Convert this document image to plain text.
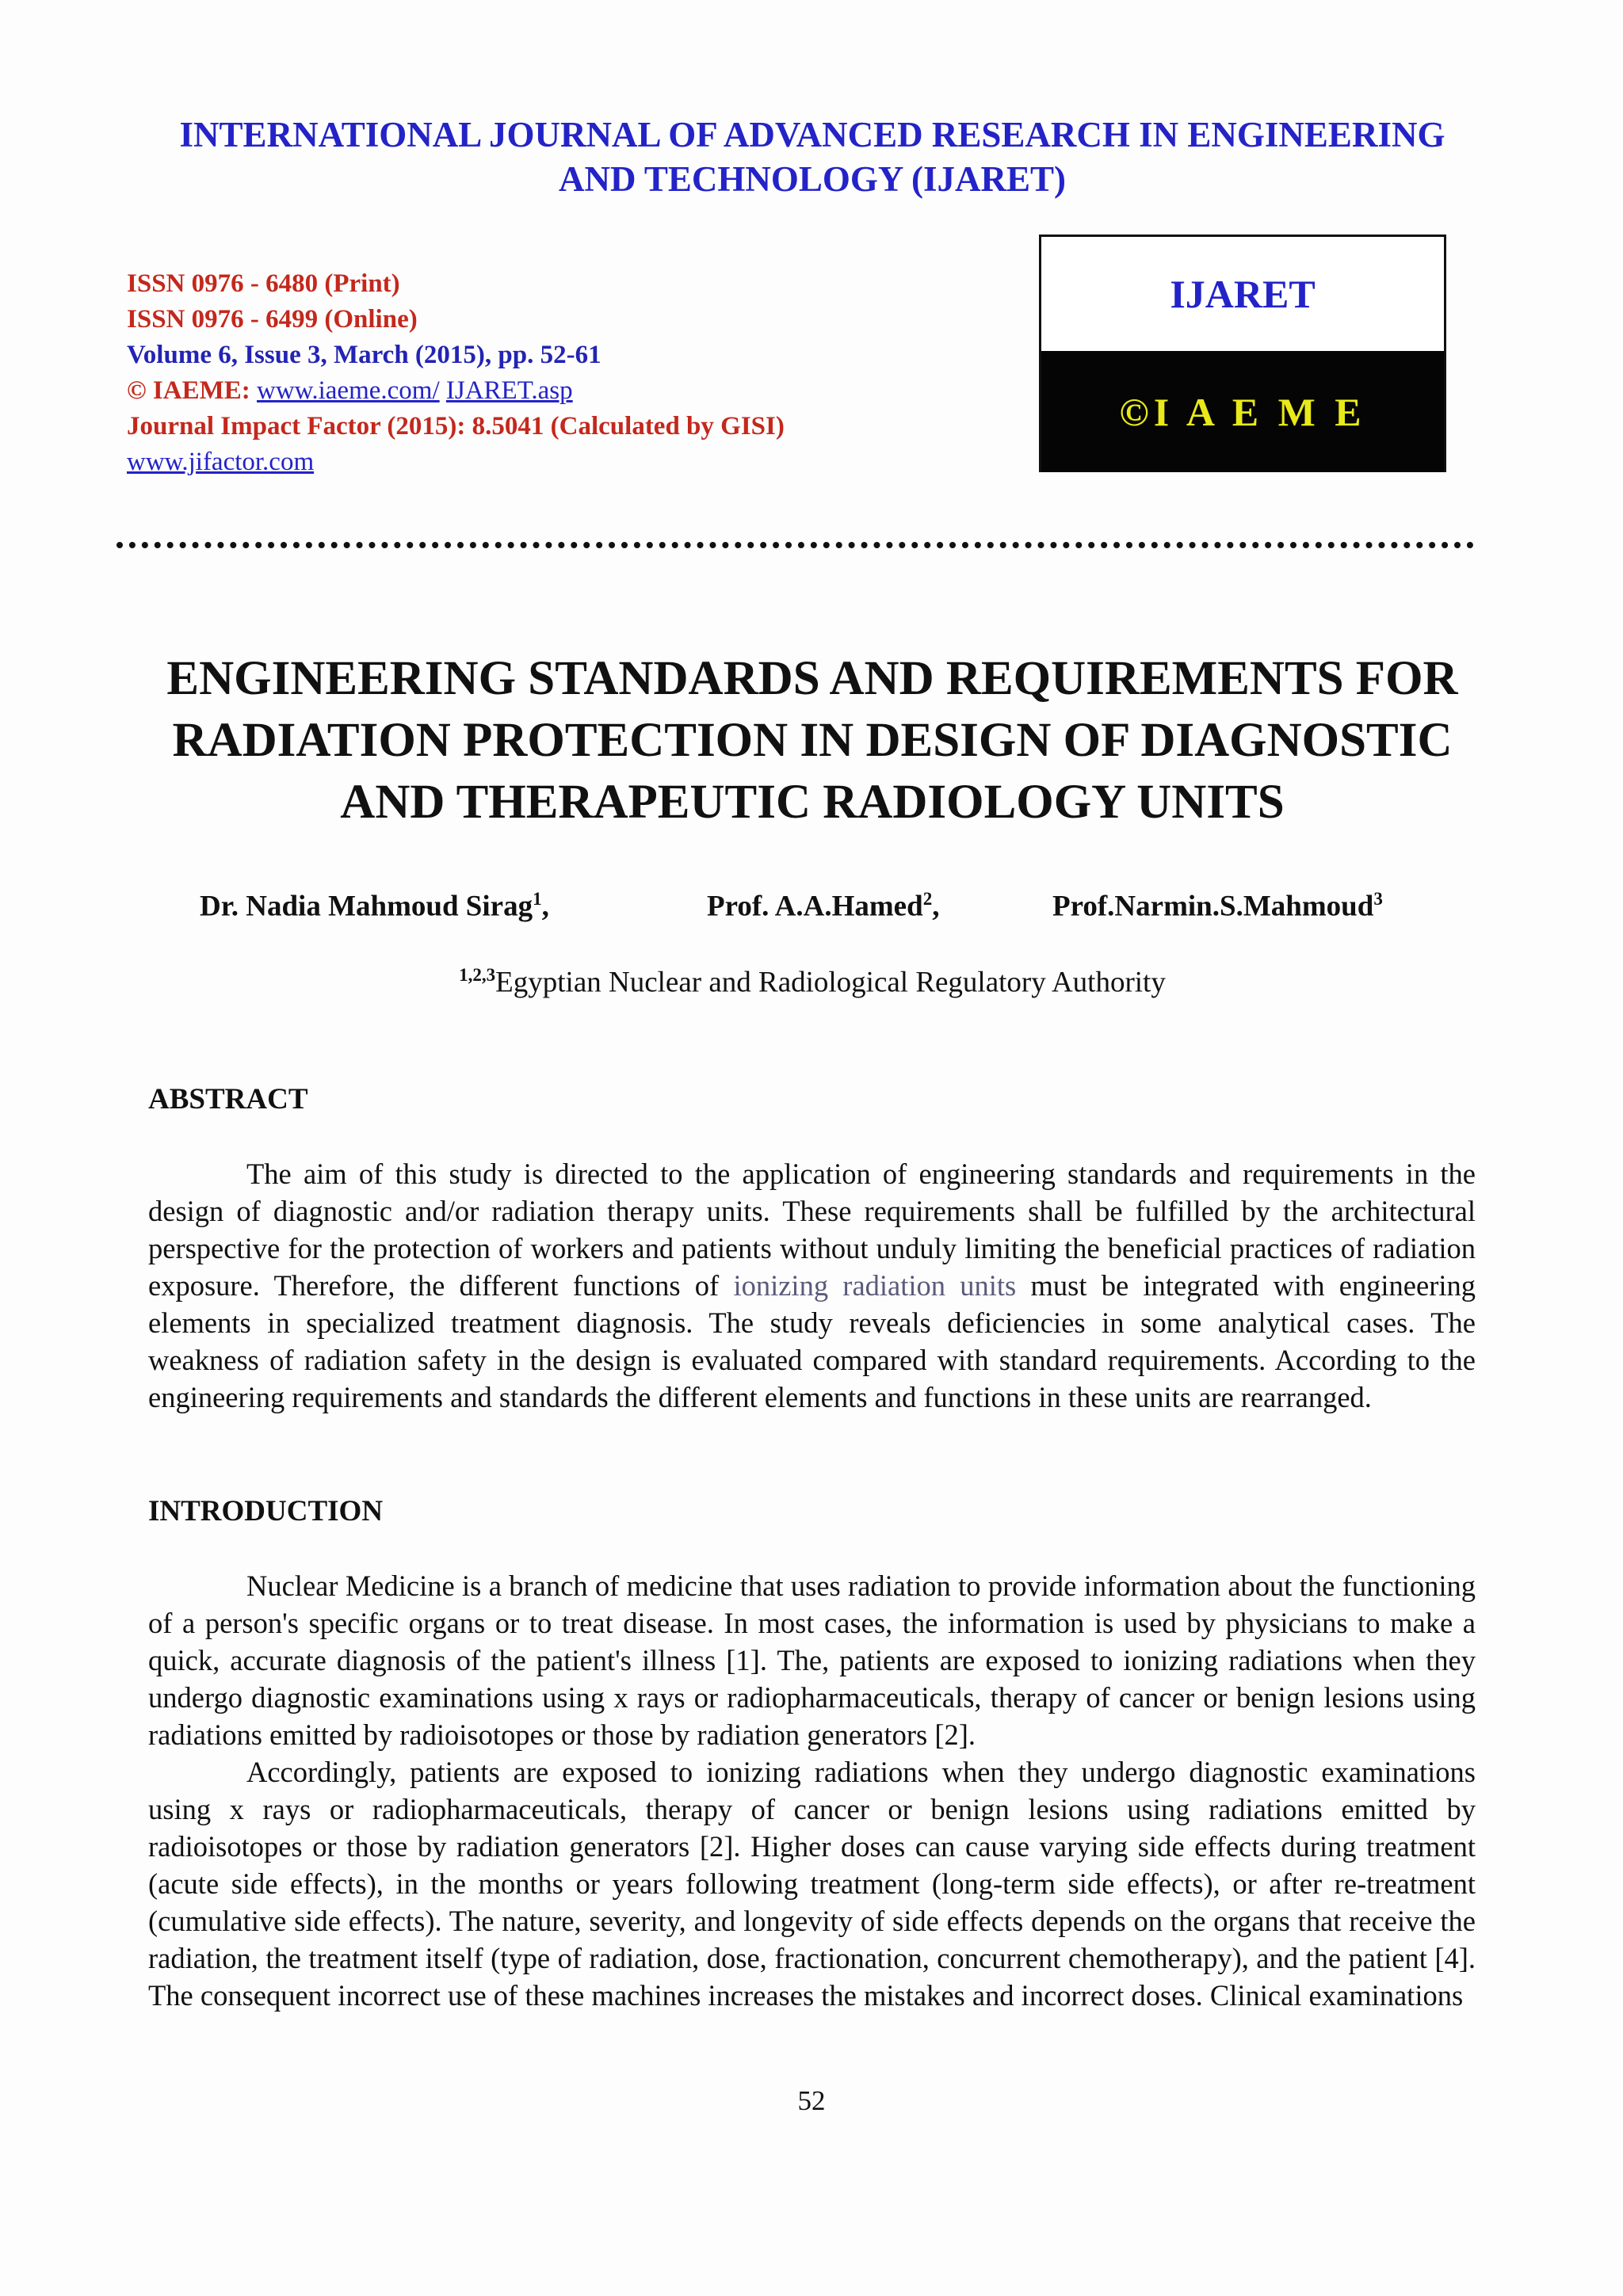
INTERNATIONAL JOURNAL OF ADVANCED RESEARCH IN ENGINEERING
AND TECHNOLOGY (IJARET)
ISSN 0976 - 6480 (Print)
ISSN 0976 - 6499 (Online)
Volume 6, Issue 3, March (2015), pp. 52-61
© IAEME: www.iaeme.com/ IJARET.asp
Journal Impact Factor (2015): 8.5041 (Calculated by GISI)
www.jifactor.com
IJARET
©I A E M E
ENGINEERING STANDARDS AND REQUIREMENTS FOR
RADIATION PROTECTION IN DESIGN OF DIAGNOSTIC
AND THERAPEUTIC RADIOLOGY UNITS
Dr. Nadia Mahmoud Sirag$^1$,	Prof. A.A.Hamed$^2$,	Prof.Narmin.S.Mahmoud$^3$
$^{1,2,3}$Egyptian Nuclear and Radiological Regulatory Authority
ABSTRACT

The aim of this study is directed to the application of engineering standards and requirements in the design of diagnostic and/or radiation therapy units. These requirements shall be fulfilled by the architectural perspective for the protection of workers and patients without unduly limiting the beneficial practices of radiation exposure. Therefore, the different functions of ionizing radiation units must be integrated with engineering elements in specialized treatment diagnosis. The study reveals deficiencies in some analytical cases. The weakness of radiation safety in the design is evaluated compared with standard requirements. According to the engineering requirements and standards the different elements and functions in these units are rearranged.

INTRODUCTION

Nuclear Medicine is a branch of medicine that uses radiation to provide information about the functioning of a person's specific organs or to treat disease. In most cases, the information is used by physicians to make a quick, accurate diagnosis of the patient's illness [1]. The, patients are exposed to ionizing radiations when they undergo diagnostic examinations using x rays or radiopharmaceuticals, therapy of cancer or benign lesions using radiations emitted by radioisotopes or those by radiation generators [2].

Accordingly, patients are exposed to ionizing radiations when they undergo diagnostic examinations using x rays or radiopharmaceuticals, therapy of cancer or benign lesions using radiations emitted by radioisotopes or those by radiation generators [2]. Higher doses can cause varying side effects during treatment (acute side effects), in the months or years following treatment (long-term side effects), or after re-treatment (cumulative side effects). The nature, severity, and longevity of side effects depends on the organs that receive the radiation, the treatment itself (type of radiation, dose, fractionation, concurrent chemotherapy), and the patient [4]. The consequent incorrect use of these machines increases the mistakes and incorrect doses. Clinical examinations

52
